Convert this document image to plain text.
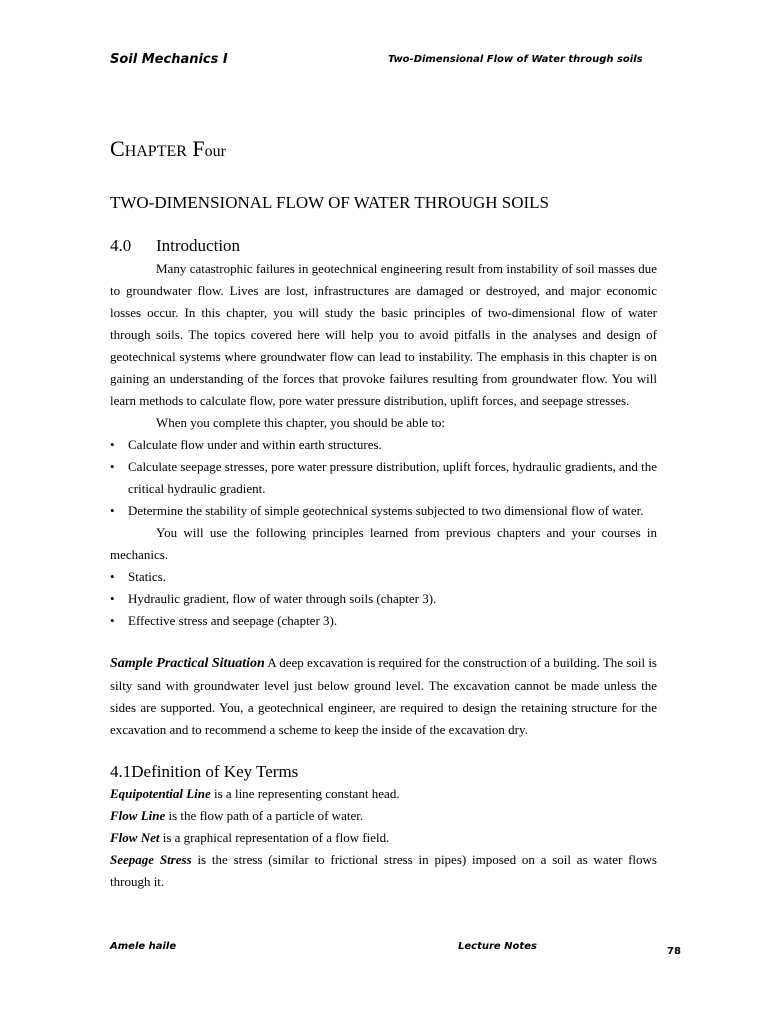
Soil Mechanics I	Two-Dimensional Flow of Water through soils
CHAPTER Four
TWO-DIMENSIONAL FLOW OF WATER THROUGH SOILS
4.0 Introduction

Many catastrophic failures in geotechnical engineering result from instability of soil masses due to groundwater flow. Lives are lost, infrastructures are damaged or destroyed, and major economic losses occur. In this chapter, you will study the basic principles of two-dimensional flow of water through soils. The topics covered here will help you to avoid pitfalls in the analyses and design of geotechnical systems where groundwater flow can lead to instability. The emphasis in this chapter is on gaining an understanding of the forces that provoke failures resulting from groundwater flow. You will learn methods to calculate flow, pore water pressure distribution, uplift forces, and seepage stresses.

When you complete this chapter, you should be able to:

• Calculate flow under and within earth structures.
• Calculate seepage stresses, pore water pressure distribution, uplift forces, hydraulic gradients, and the critical hydraulic gradient.
• Determine the stability of simple geotechnical systems subjected to two dimensional flow of water.

You will use the following principles learned from previous chapters and your courses in mechanics.

• Statics.
• Hydraulic gradient, flow of water through soils (chapter 3).
• Effective stress and seepage (chapter 3).
Sample Practical Situation A deep excavation is required for the construction of a building. The soil is silty sand with groundwater level just below ground level. The excavation cannot be made unless the sides are supported. You, a geotechnical engineer, are required to design the retaining structure for the excavation and to recommend a scheme to keep the inside of the excavation dry.
4.1Definition of Key Terms
Equipotential Line is a line representing constant head.
Flow Line is the flow path of a particle of water.
Flow Net is a graphical representation of a flow field.
Seepage Stress is the stress (similar to frictional stress in pipes) imposed on a soil as water flows through it.
Amele haile	Lecture Notes	78
